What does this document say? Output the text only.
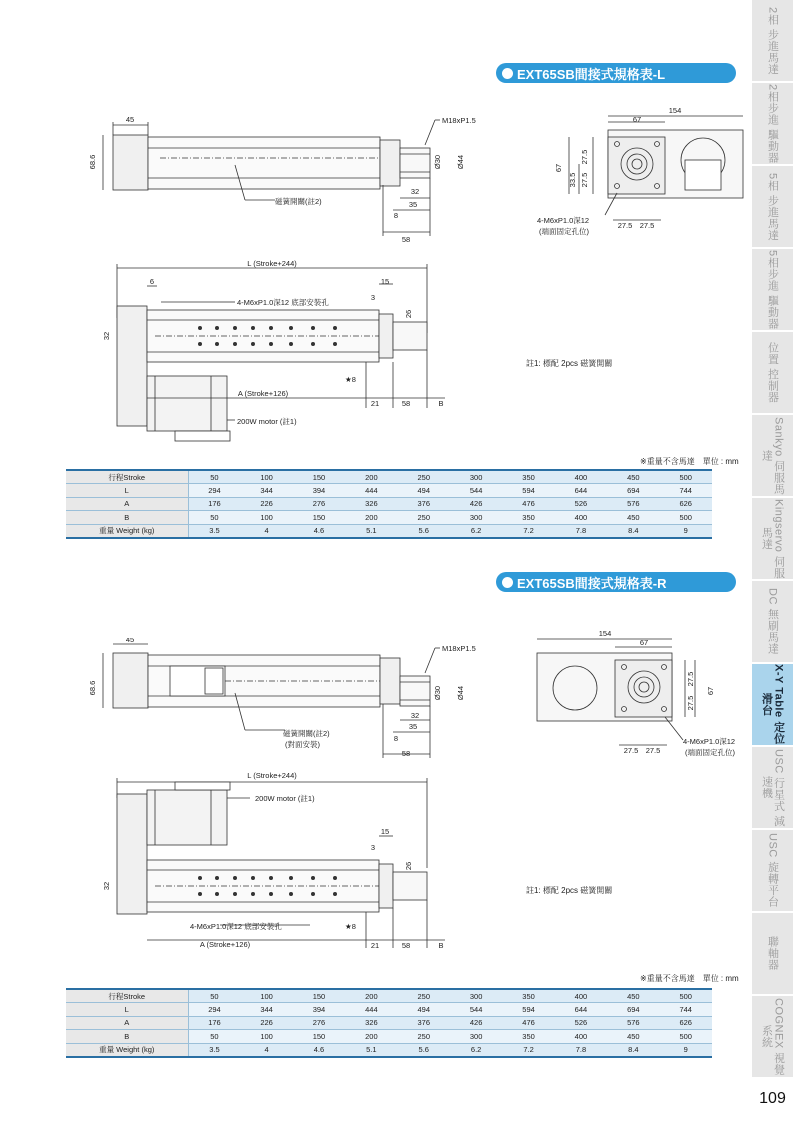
2相 步進馬達
2相步進 驅動器
5相 步進馬達
5相步進 驅動器
位置 控制器
Sankyo 伺服馬達
Kingservo 伺服馬達
DC 無刷馬達
X-Y Table 定位滑台
USC 行星式 減速機
USC 旋轉平台
聯軸器
COGNEX 視覺系統
109
EXT65SB間接式規格表-L
45
68.6
M18xP1.5
Ø30 Ø44
32
35
8
58
磁簧開關(註2)
154
67
67
33.5
27.5
27.5
27.5 27.5
4-M6xP1.0深12
(端面固定孔位)
L (Stroke+244)
6	15
3
26
32
4-M6xP1.0深12 底部安裝孔
★8
A (Stroke+126)
21	58	B
200W motor (註1)
註1: 標配 2pcs 磁簧開關
※重量不含馬達　單位 : mm
行程Stroke	50	100	150	200	250	300	350	400	450	500
L	294	344	394	444	494	544	594	644	694	744
A	176	226	276	326	376	426	476	526	576	626
B	50	100	150	200	250	300	350	400	450	500
重量 Weight (kg)	3.5	4	4.6	5.1	5.6	6.2	7.2	7.8	8.4	9
EXT65SB間接式規格表-R
45
68.6
M18xP1.5
Ø30 Ø44
32
35
8
58
磁簧開關(註2)
(對面安裝)
154
67
67
27.5
27.5
27.5 27.5
4-M6xP1.0深12
(端面固定孔位)
L (Stroke+244)
200W motor (註1)
15
3
26
32
4-M6xP1.0深12 底部安裝孔	★8
A (Stroke+126)	21	58	B
註1: 標配 2pcs 磁簧開關
※重量不含馬達　單位 : mm
行程Stroke	50	100	150	200	250	300	350	400	450	500
L	294	344	394	444	494	544	594	644	694	744
A	176	226	276	326	376	426	476	526	576	626
B	50	100	150	200	250	300	350	400	450	500
重量 Weight (kg)	3.5	4	4.6	5.1	5.6	6.2	7.2	7.8	8.4	9
